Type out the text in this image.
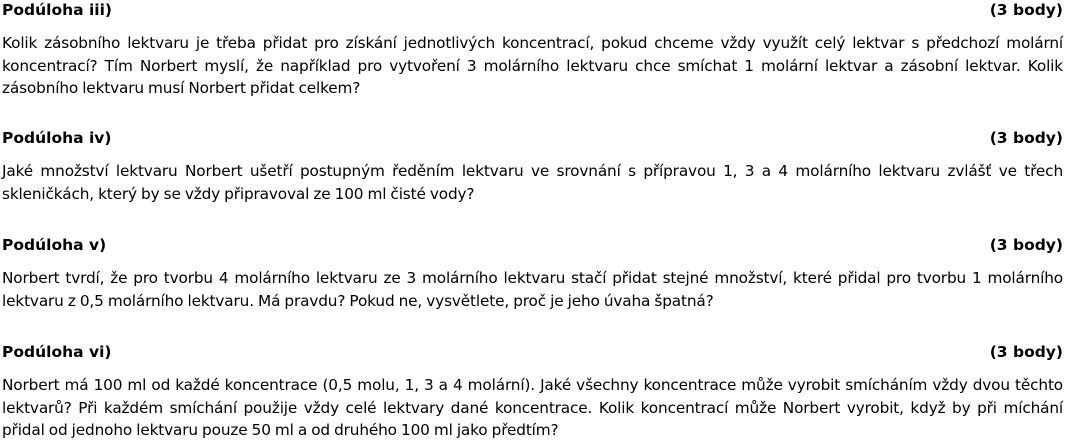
Podúloha iii)	(3 body)

Kolik zásobního lektvaru je třeba přidat pro získání jednotlivých koncentrací, pokud chceme vždy využít celý lektvar s předchozí molární koncentrací? Tím Norbert myslí, že například pro vytvoření 3 molárního lektvaru chce smíchat 1 molární lektvar a zásobní lektvar. Kolik zásobního lektvaru musí Norbert přidat celkem?

Podúloha iv)	(3 body)

Jaké množství lektvaru Norbert ušetří postupným ředěním lektvaru ve srovnání s přípravou 1, 3 a 4 molárního lektvaru zvlášť ve třech skleničkách, který by se vždy připravoval ze 100 ml čisté vody?

Podúloha v)	(3 body)

Norbert tvrdí, že pro tvorbu 4 molárního lektvaru ze 3 molárního lektvaru stačí přidat stejné množství, které přidal pro tvorbu 1 molárního lektvaru z 0,5 molárního lektvaru. Má pravdu? Pokud ne, vysvětlete, proč je jeho úvaha špatná?

Podúloha vi)	(3 body)

Norbert má 100 ml od každé koncentrace (0,5 molu, 1, 3 a 4 molární). Jaké všechny koncentrace může vyrobit smícháním vždy dvou těchto lektvarů? Při každém smíchání použije vždy celé lektvary dané koncentrace. Kolik koncentrací může Norbert vyrobit, když by při míchání přidal od jednoho lektvaru pouze 50 ml a od druhého 100 ml jako předtím?
